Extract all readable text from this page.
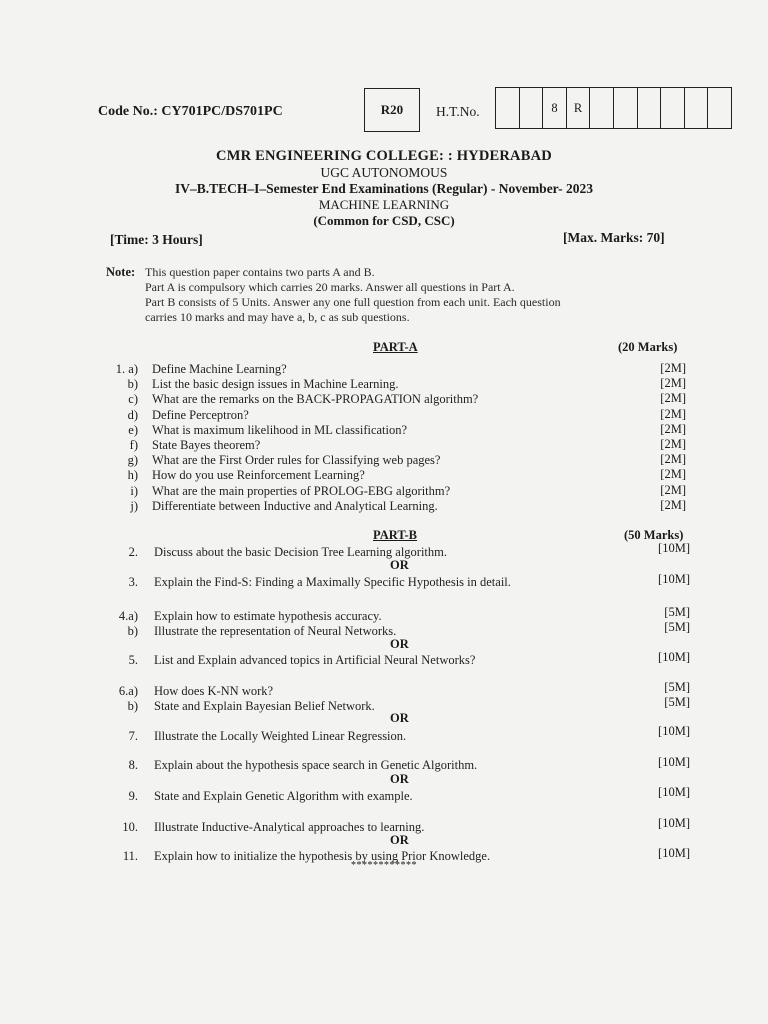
Code No.: CY701PC/DS701PC	R20	H.T.No.	8	R
CMR ENGINEERING COLLEGE: : HYDERABAD
UGC AUTONOMOUS
IV–B.TECH–I–Semester End Examinations (Regular) - November- 2023
MACHINE LEARNING
(Common for CSD, CSC)
[Time: 3 Hours]	[Max. Marks: 70]
Note: This question paper contains two parts A and B.
Part A is compulsory which carries 20 marks. Answer all questions in Part A.
Part B consists of 5 Units. Answer any one full question from each unit. Each question
carries 10 marks and may have a, b, c as sub questions.
PART-A	(20 Marks)
1. a) Define Machine Learning?	[2M]
b) List the basic design issues in Machine Learning.	[2M]
c) What are the remarks on the BACK-PROPAGATION algorithm?	[2M]
d) Define Perceptron?	[2M]
e) What is maximum likelihood in ML classification?	[2M]
f) State Bayes theorem?	[2M]
g) What are the First Order rules for Classifying web pages?	[2M]
h) How do you use Reinforcement Learning?	[2M]
i) What are the main properties of PROLOG-EBG algorithm?	[2M]
j) Differentiate between Inductive and Analytical Learning.	[2M]
PART-B	(50 Marks)
2. Discuss about the basic Decision Tree Learning algorithm.	[10M]
3. Explain the Find-S: Finding a Maximally Specific Hypothesis in detail.	[10M]
4.a) Explain how to estimate hypothesis accuracy.	[5M]
b) Illustrate the representation of Neural Networks.	[5M]
5. List and Explain advanced topics in Artificial Neural Networks?	[10M]
6.a) How does K-NN work?	[5M]
b) State and Explain Bayesian Belief Network.	[5M]
7. Illustrate the Locally Weighted Linear Regression.	[10M]
8. Explain about the hypothesis space search in Genetic Algorithm.	[10M]
9. State and Explain Genetic Algorithm with example.	[10M]
10. Illustrate Inductive-Analytical approaches to learning.	[10M]
11. Explain how to initialize the hypothesis by using Prior Knowledge.	[10M]
OR
OR
OR
OR
OR
************
